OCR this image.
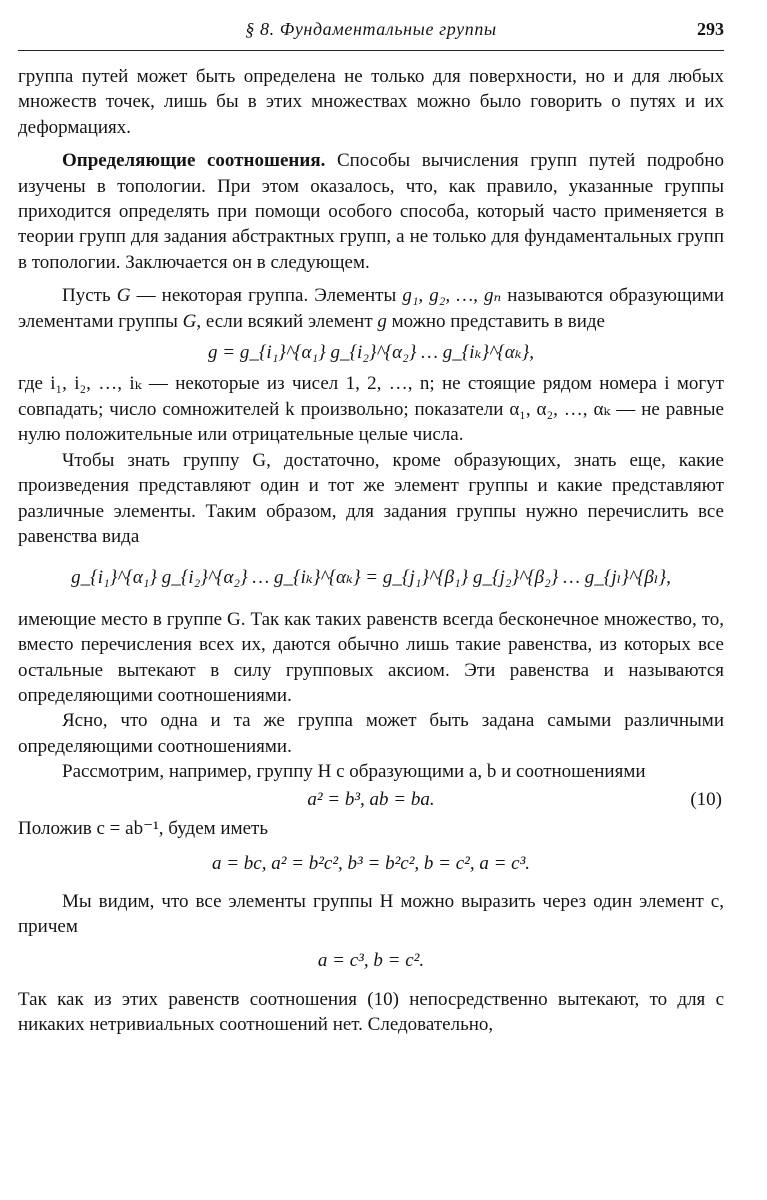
§ 8. Фундаментальные группы	293

группа путей может быть определена не только для поверхности, но и для любых множеств точек, лишь бы в этих множествах можно было говорить о путях и их деформациях.

Определяющие соотношения. Способы вычисления групп путей подробно изучены в топологии. При этом оказалось, что, как правило, указанные группы приходится определять при помощи особого способа, который часто применяется в теории групп для задания абстрактных групп, а не только для фундаментальных групп в топологии. Заключается он в следующем.

Пусть G — некоторая группа. Элементы g₁, g₂, …, gₙ называются образующими элементами группы G, если всякий элемент g можно представить в виде

g = g_{i₁}^{α₁} g_{i₂}^{α₂} … g_{iₖ}^{αₖ},

где i₁, i₂, …, iₖ — некоторые из чисел 1, 2, …, n; не стоящие рядом номера i могут совпадать; число сомножителей k произвольно; показатели α₁, α₂, …, αₖ — не равные нулю положительные или отрицательные целые числа.

Чтобы знать группу G, достаточно, кроме образующих, знать еще, какие произведения представляют один и тот же элемент группы и какие представляют различные элементы. Таким образом, для задания группы нужно перечислить все равенства вида

g_{i₁}^{α₁} g_{i₂}^{α₂} … g_{iₖ}^{αₖ} = g_{j₁}^{β₁} g_{j₂}^{β₂} … g_{jₗ}^{βₗ},

имеющие место в группе G. Так как таких равенств всегда бесконечное множество, то, вместо перечисления всех их, даются обычно лишь такие равенства, из которых все остальные вытекают в силу групповых аксиом. Эти равенства и называются определяющими соотношениями.

Ясно, что одна и та же группа может быть задана самыми различными определяющими соотношениями.

Рассмотрим, например, группу H с образующими a, b и соотношениями

a² = b³, ab = ba.	(10)

Положив c = ab⁻¹, будем иметь

a = bc, a² = b²c², b³ = b²c², b = c², a = c³.

Мы видим, что все элементы группы H можно выразить через один элемент c, причем

a = c³, b = c².

Так как из этих равенств соотношения (10) непосредственно вытекают, то для c никаких нетривиальных соотношений нет. Следовательно,
